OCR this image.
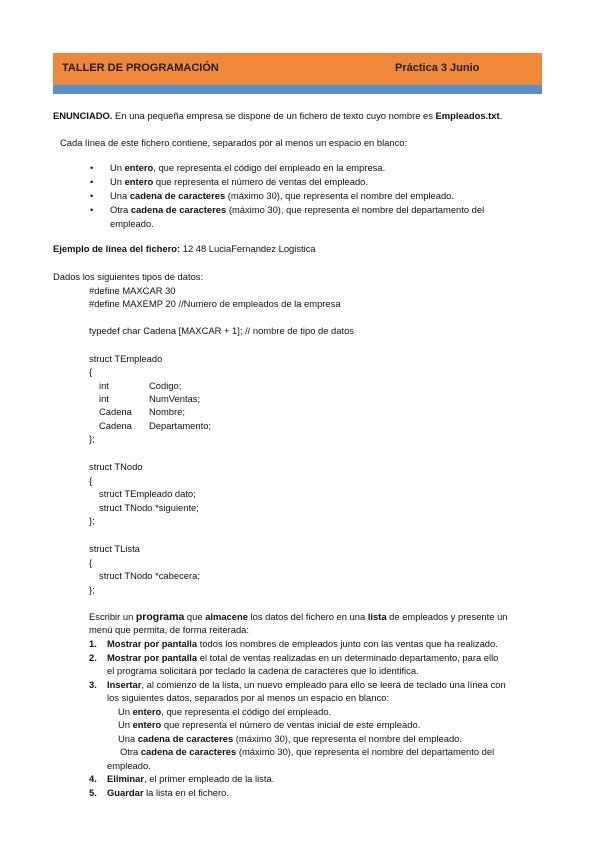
TALLER DE PROGRAMACIÓN	Práctica 3 Junio
ENUNCIADO. En una pequeña empresa se dispone de un fichero de texto cuyo nombre es Empleados.txt.
Cada línea de este fichero contiene, separados por al menos un espacio en blanco:
• Un entero, que representa el código del empleado en la empresa.
• Un entero que representa el número de ventas del empleado.
• Una cadena de caracteres (máximo 30), que representa el nombre del empleado.
• Otra cadena de caracteres (máximo 30), que representa el nombre del departamento del
empleado.
Ejemplo de línea del fichero: 12 48 LuciaFernandez Logistica
Dados los siguientes tipos de datos:
#define MAXCAR 30
#define MAXEMP 20 //Numero de empleados de la empresa
typedef char Cadena [MAXCAR + 1]; // nombre de tipo de datos
struct TEmpleado
{
int	Codigo;
int	NumVentas;
Cadena Nombre;
Cadena Departamento;
};
struct TNodo
{
struct TEmpleado dato;
struct TNodo *siguiente;
};
struct TLista
{
struct TNodo *cabecera;
};
Escribir un programa que almacene los datos del fichero en una lista de empleados y presente un
menú que permita, de forma reiterada:
1. Mostrar por pantalla todos los nombres de empleados junto con las ventas que ha realizado.
2. Mostrar por pantalla el total de ventas realizadas en un determinado departamento, para ello
el programa solicitará por teclado la cadena de caracteres que lo identifica.
3. Insertar, al comienzo de la lista, un nuevo empleado para ello se leerá de teclado una línea con
los siguientes datos, separados por al menos un espacio en blanco:
4. Eliminar, el primer empleado de la lista.
5. Guardar la lista en el fichero.
Un entero, que representa el código del empleado.
Un entero que representa el número de ventas inicial de este empleado.
Una cadena de caracteres (máximo 30), que representa el nombre del empleado.
Otra cadena de caracteres (máximo 30), que representa el nombre del departamento del
empleado.
